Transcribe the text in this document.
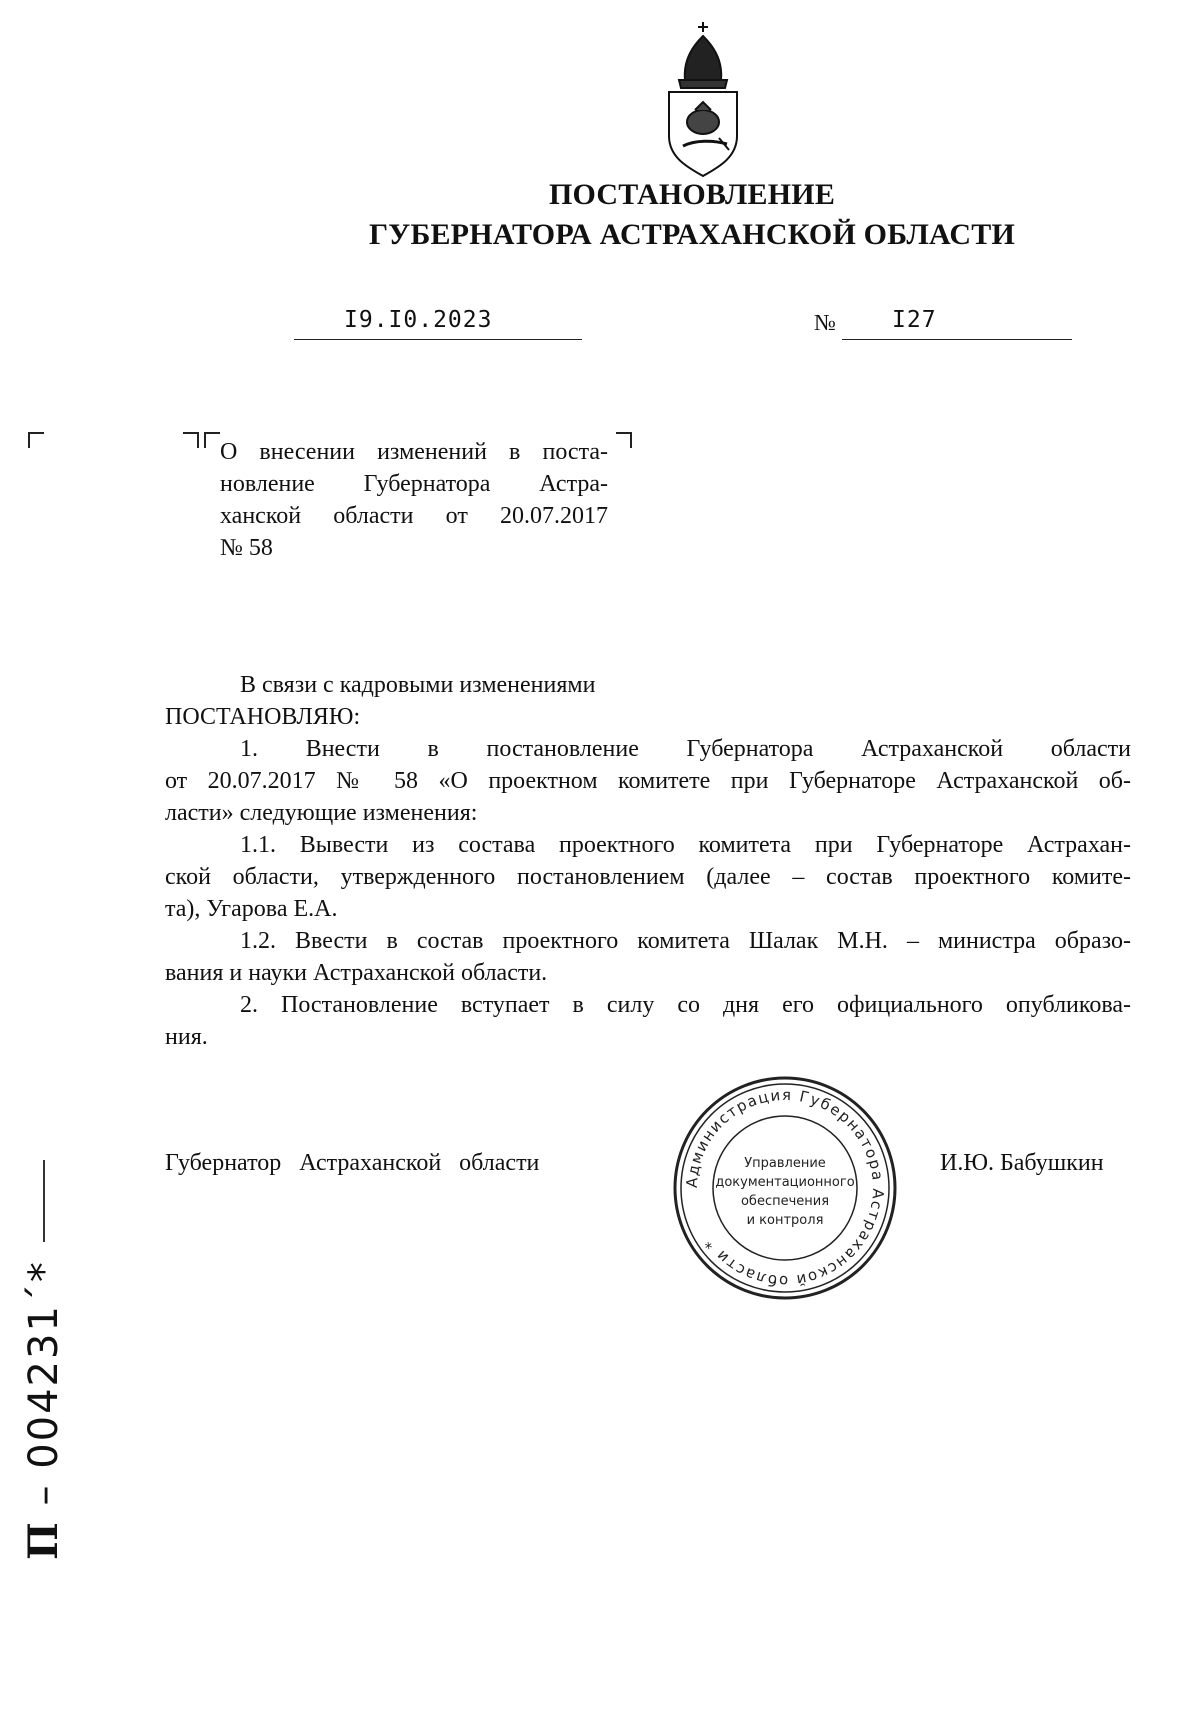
ПОСТАНОВЛЕНИЕ
ГУБЕРНАТОРА АСТРАХАНСКОЙ ОБЛАСТИ
I9.I0.2023	№ I27
О внесении изменений в поста-
новление Губернатора Астра-
ханской области от 20.07.2017
№ 58
В связи с кадровыми изменениями
ПОСТАНОВЛЯЮ:
1. Внести в постановление Губернатора Астраханской области
от 20.07.2017 № 58 «О проектном комитете при Губернаторе Астраханской об-
ласти» следующие изменения:
1.1. Вывести из состава проектного комитета при Губернаторе Астрахан-
ской области, утвержденного постановлением (далее – состав проектного комите-
та), Угарова Е.А.
1.2. Ввести в состав проектного комитета Шалак М.Н. – министра образо-
вания и науки Астраханской области.
2. Постановление вступает в силу со дня его официального опубликова-
ния.
Губернатор   Астраханской   области	И.Ю. Бабушкин
Администрация Губернатора Астраханской области *
Управление
документационного
обеспечения
и контроля
П – 004231´*
